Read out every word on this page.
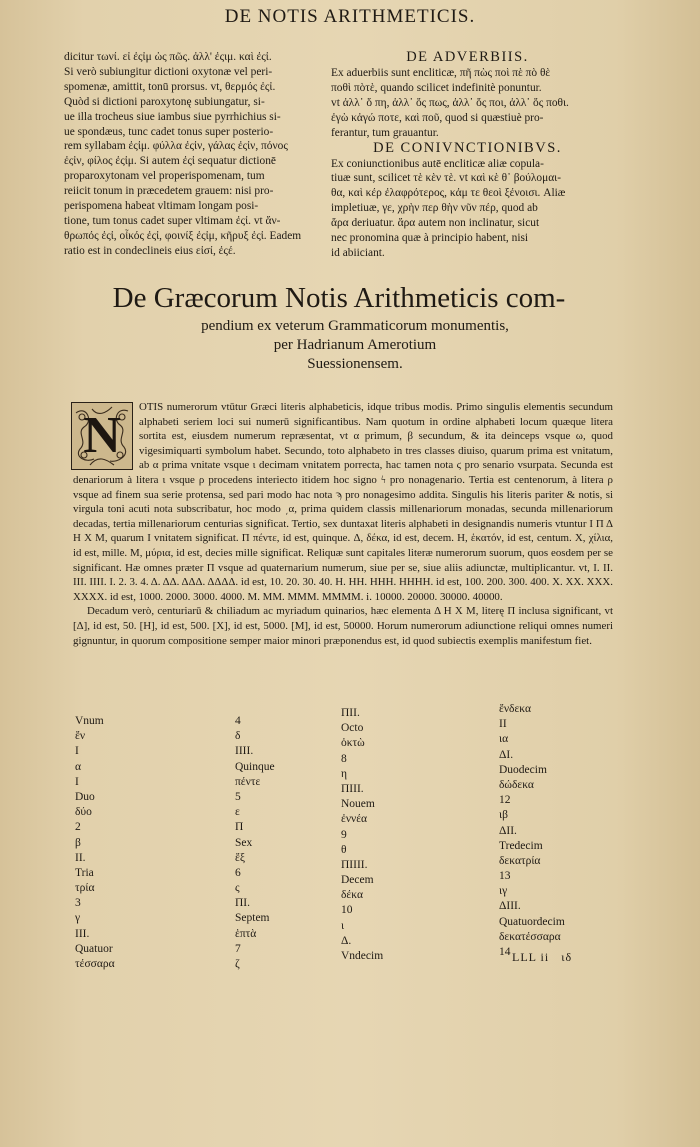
DE NOTIS ARITHMETICIS.
dicitur τωνί. εἰ ἐςἰμ ὡς πῶς. ἀλλ' ἐςιμ. καὶ ἐςἰ.
Si verò subiungitur dictioni oxytonæ vel peri-
spomenæ, amittit, tonū prorsus. vt, θερμός ἐςἰ.
Quòd si dictioni paroxytonę subiungatur, si-
ue illa trocheus siue iambus siue pyrrhichius si-
ue spondæus, tunc cadet tonus super posterio-
rem syllabam ἐςἰμ. φύλλα ἐςἰν, γάλας ἐςἰν, πόνος
ἐςἰν, φίλος ἐςἰμ. Si autem ἐςἰ sequatur dictionē
proparoxytonam vel properispomenam, tum
reiicit tonum in præcedetem grauem: nisi pro-
perispomena habeat vltimam longam posi-
tione, tum tonus cadet super vltimam ἐςἰ. vt ἄν-
θρωπός ἐςἰ, οἶκός ἐςἰ, φοινίξ ἐςἰμ, κῆρυξ ἐςἰ. Eadem
ratio est in condeclineis eius εἰσί, ἐςέ.
DE ADVERBIIS.
Ex aduerbiis sunt encliticæ, πῆ πὼς ποὶ πὲ πὸ θὲ
ποθὶ πὸτὲ, quando scilicet indefinitè ponuntur.
vt ἀλλ᾽ ὅ πη, ἀλλ᾽ ὅς πως, ἀλλ᾽ ὅς ποι, ἀλλ᾽ ὅς ποθι.
ἐγὼ κἀγώ ποτε, καὶ ποῦ, quod si quæstiuè pro-
ferantur, tum grauantur.
DE CONIVNCTIONIBVS.
Ex coniunctionibus autē encliticæ aliæ copula-
tiuæ sunt, scilicet τὲ κὲν τὲ. vt καὶ κὲ θ᾽ βούλομαι-
θα, καὶ κέρ ἐλαφρότερος, κἀμ τε θεοὶ ξένοισι. Aliæ
impletiuæ, γε, χρὴν περ θὴν νῦν πέρ, quod ab
ἄρα deriuatur. ἄρα autem non inclinatur, sicut
nec pronomina quæ à principio habent, nisi
id abiiciant.
De Græcorum Notis Arithmeticis com-
pendium ex veterum Grammaticorum monumentis,
per Hadrianum Amerotium
Suessionensem.
N	OTIS numerorum vtūtur Græci literis alphabeticis, idque tribus modis. Primo singulis elementis secundum alphabeti seriem loci sui numerū significantibus. Nam quotum in ordine alphabeti locum quæque litera sortita est, eiusdem numerum repræsentat, vt α primum, β secundum, & ita deinceps vsque ω, quod vigesimiquarti symbolum habet. Secundo, toto alphabeto in tres classes diuiso, quarum prima est vnitatum, ab α prima vnitate vsque ι decimam vnitatem porrecta, hac tamen nota ϛ pro senario vsurpata. Secunda est denariorum à litera ι vsque ρ procedens interiecto itidem hoc signo ϟ pro nonagenario. Tertia est centenorum, à litera ρ vsque ad finem sua serie protensa, sed pari modo hac nota ϡ pro nonagesimo addita. Singulis his literis pariter & notis, si virgula toni acuti nota subscribatur, hoc modo ͵α, prima quidem classis millenariorum monadas, secunda millenariorum decadas, tertia millenariorum centurias significat. Tertio, sex duntaxat literis alphabeti in designandis numeris vtuntur Ι Π Δ Η Χ Μ, quarum Ι vnitatem significat. Π πέντε, id est, quinque. Δ, δέκα, id est, decem. Η, ἑκατόν, id est, centum. Χ, χίλια, id est, mille. Μ, μύρια, id est, decies mille significat. Reliquæ sunt capitales literæ numerorum suorum, quos eosdem per se significant. Hæ omnes præter Π vsque ad quaternarium numerum, siue per se, siue aliis adiunctæ, multiplicantur. vt, Ι. ΙΙ. ΙΙΙ. ΙΙΙΙ. Ι. 2. 3. 4. Δ. ΔΔ. ΔΔΔ. ΔΔΔΔ. id est, 10. 20. 30. 40. Η. ΗΗ. ΗΗΗ. ΗΗΗΗ. id est, 100. 200. 300. 400. Χ. ΧΧ. ΧΧΧ. ΧΧΧΧ. id est, 1000. 2000. 3000. 4000. Μ. ΜΜ. ΜΜΜ. ΜΜΜΜ. i. 10000. 20000. 30000. 40000.

Decadum verò, centuriarū & chiliadum ac myriadum quinarios, hæc elementa Δ Η Χ Μ, literę Π inclusa significant, vt [Δ], id est, 50. [Η], id est, 500. [Χ], id est, 5000. [Μ], id est, 50000. Horum numerorum adiunctione reliqui omnes numeri gignuntur, in quorum compositione semper maior minori præponendus est, id quod subiectis exemplis manifestum fiet.

Vnum
ἕν
Ι
α
Ι
Duo
δύο
2
β
ΙΙ.
Tria
τρία
3
γ
ΙΙΙ.
Quatuor
τέσσαρα
4
δ
ΙΙΙΙ.
Quinque
πέντε
5
ε
Π
Sex
ἕξ
6
ς
ΠΙ.
Septem
ἑπτὰ
7
ζ
ΠΙΙ.
Octo
ὀκτὼ
8
η
ΠΙΙΙ.
Nouem
ἐννέα
9
θ
ΠΙΙΙΙ.
Decem
δέκα
10
ι
Δ.
Vndecim
ἕνδεκα
ΙΙ
ια
ΔΙ.
Duodecim
δώδεκα
12
ιβ
ΔΙΙ.
Tredecim
δεκατρία
13
ιγ
ΔΙΙΙ.
Quatuordecim
δεκατέσσαρα
14 LLL ii ιδ
